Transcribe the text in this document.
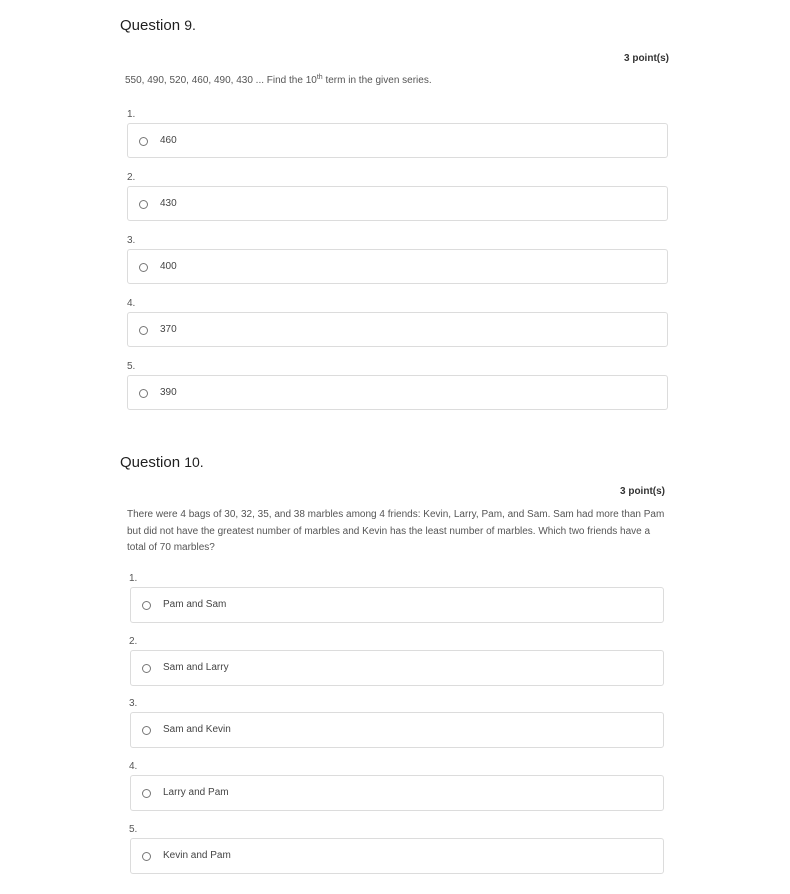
Question 9.
3 point(s)
550, 490, 520, 460, 490, 430 ... Find the 10th term in the given series.
1.
460
2.
430
3.
400
4.
370
5.
390
Question 10.
3 point(s)
There were 4 bags of 30, 32, 35, and 38 marbles among 4 friends: Kevin, Larry, Pam, and Sam. Sam had more than Pam but did not have the greatest number of marbles and Kevin has the least number of marbles. Which two friends have a total of 70 marbles?
1.
Pam and Sam
2.
Sam and Larry
3.
Sam and Kevin
4.
Larry and Pam
5.
Kevin and Pam
